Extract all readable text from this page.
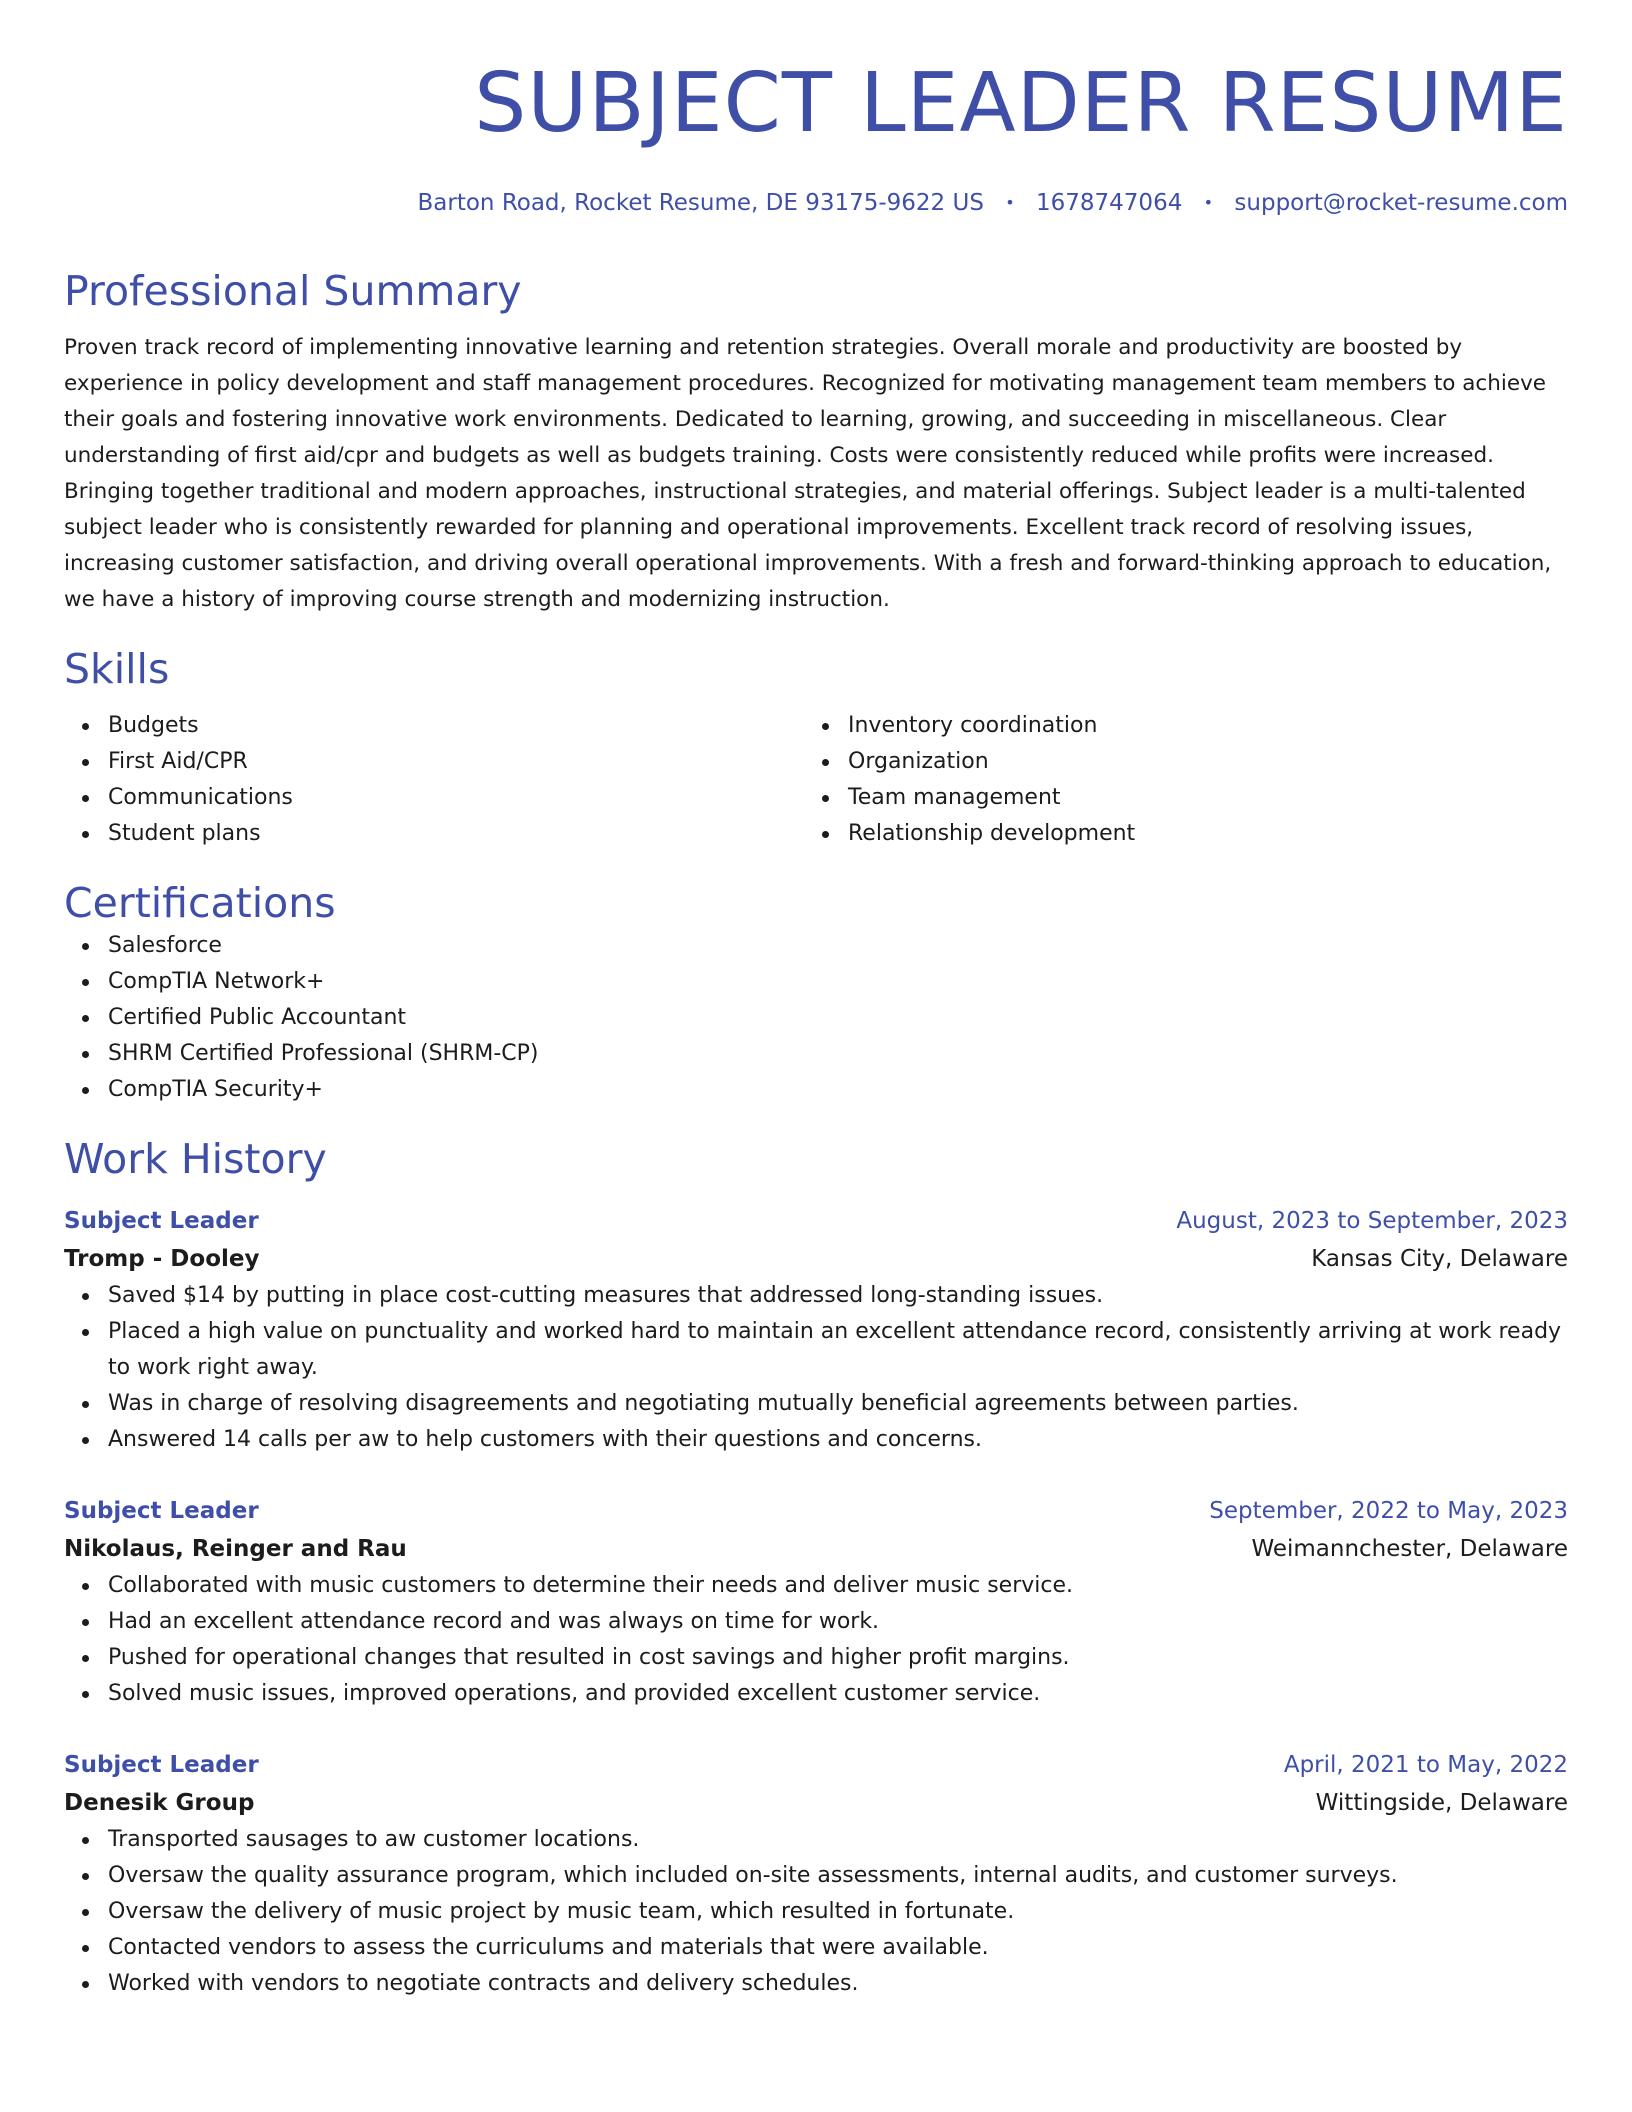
SUBJECT LEADER RESUME
Barton Road, Rocket Resume, DE 93175-9622 US • 1678747064 • support@rocket-resume.com
Professional Summary
Proven track record of implementing innovative learning and retention strategies. Overall morale and productivity are boosted by experience in policy development and staff management procedures. Recognized for motivating management team members to achieve their goals and fostering innovative work environments. Dedicated to learning, growing, and succeeding in miscellaneous. Clear understanding of first aid/cpr and budgets as well as budgets training. Costs were consistently reduced while profits were increased. Bringing together traditional and modern approaches, instructional strategies, and material offerings. Subject leader is a multi-talented subject leader who is consistently rewarded for planning and operational improvements. Excellent track record of resolving issues, increasing customer satisfaction, and driving overall operational improvements. With a fresh and forward-thinking approach to education, we have a history of improving course strength and modernizing instruction.
Skills
Budgets
First Aid/CPR
Communications
Student plans
Inventory coordination
Organization
Team management
Relationship development
Certifications
Salesforce
CompTIA Network+
Certified Public Accountant
SHRM Certified Professional (SHRM-CP)
CompTIA Security+
Work History
Subject Leader	August, 2023 to September, 2023
Tromp - Dooley	Kansas City, Delaware
Saved $14 by putting in place cost-cutting measures that addressed long-standing issues.
Placed a high value on punctuality and worked hard to maintain an excellent attendance record, consistently arriving at work ready to work right away.
Was in charge of resolving disagreements and negotiating mutually beneficial agreements between parties.
Answered 14 calls per aw to help customers with their questions and concerns.
Subject Leader	September, 2022 to May, 2023
Nikolaus, Reinger and Rau	Weimannchester, Delaware
Collaborated with music customers to determine their needs and deliver music service.
Had an excellent attendance record and was always on time for work.
Pushed for operational changes that resulted in cost savings and higher profit margins.
Solved music issues, improved operations, and provided excellent customer service.
Subject Leader	April, 2021 to May, 2022
Denesik Group	Wittingside, Delaware
Transported sausages to aw customer locations.
Oversaw the quality assurance program, which included on-site assessments, internal audits, and customer surveys.
Oversaw the delivery of music project by music team, which resulted in fortunate.
Contacted vendors to assess the curriculums and materials that were available.
Worked with vendors to negotiate contracts and delivery schedules.
